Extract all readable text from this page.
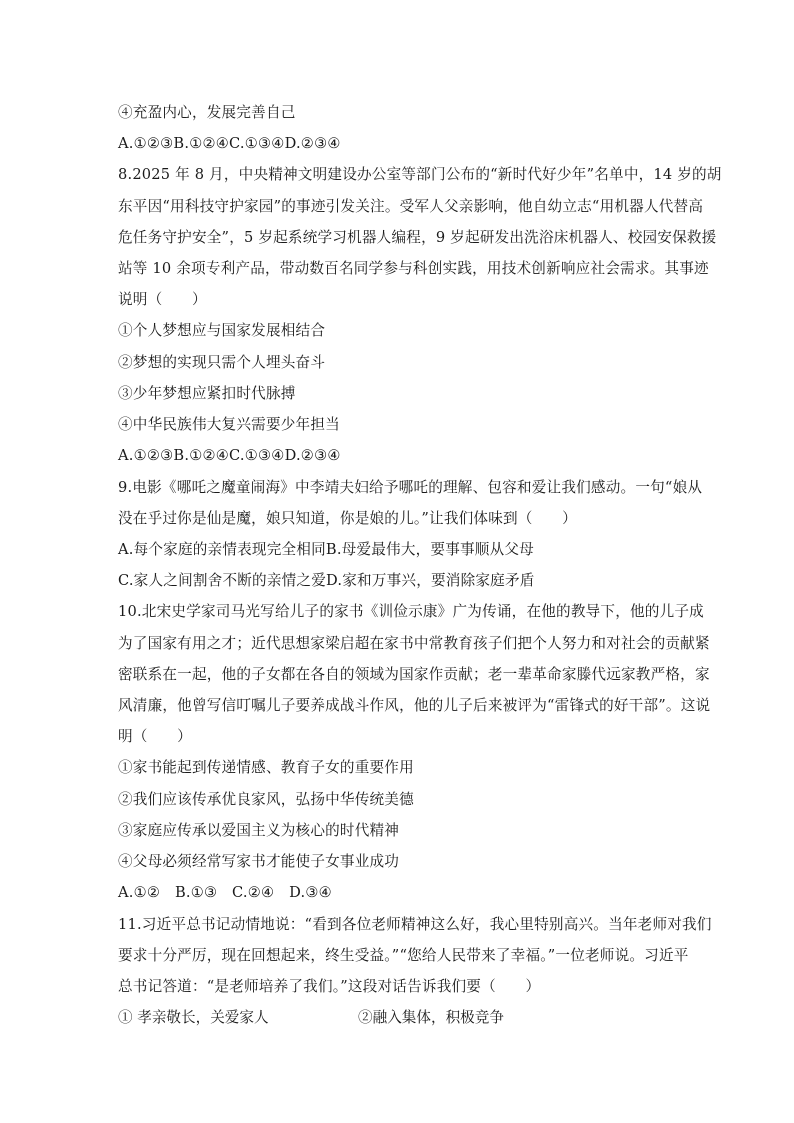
④充盈内心，发展完善自己
A.①②③B.①②④C.①③④D.②③④
8.2025 年 8 月，中央精神文明建设办公室等部门公布的“新时代好少年”名单中，14 岁的胡
东平因“用科技守护家园”的事迹引发关注。受军人父亲影响，他自幼立志“用机器人代替高
危任务守护安全”，5 岁起系统学习机器人编程，9 岁起研发出洗浴床机器人、校园安保救援
站等 10 余项专利产品，带动数百名同学参与科创实践，用技术创新响应社会需求。其事迹
说明（　　）
①个人梦想应与国家发展相结合
②梦想的实现只需个人埋头奋斗
③少年梦想应紧扣时代脉搏
④中华民族伟大复兴需要少年担当
A.①②③B.①②④C.①③④D.②③④
9.电影《哪吒之魔童闹海》中李靖夫妇给予哪吒的理解、包容和爱让我们感动。一句“娘从
没在乎过你是仙是魔，娘只知道，你是娘的儿。”让我们体味到（　　）
A.每个家庭的亲情表现完全相同B.母爱最伟大，要事事顺从父母
C.家人之间割舍不断的亲情之爱D.家和万事兴，要消除家庭矛盾
10.北宋史学家司马光写给儿子的家书《训俭示康》广为传诵，在他的教导下，他的儿子成
为了国家有用之才；近代思想家梁启超在家书中常教育孩子们把个人努力和对社会的贡献紧
密联系在一起，他的子女都在各自的领域为国家作贡献；老一辈革命家滕代远家教严格，家
风清廉，他曾写信叮嘱儿子要养成战斗作风，他的儿子后来被评为“雷锋式的好干部”。这说
明（　　）
①家书能起到传递情感、教育子女的重要作用
②我们应该传承优良家风，弘扬中华传统美德
③家庭应传承以爱国主义为核心的时代精神
④父母必须经常写家书才能使子女事业成功
A.①②　B.①③　C.②④　D.③④
11.习近平总书记动情地说：“看到各位老师精神这么好，我心里特别高兴。当年老师对我们
要求十分严厉，现在回想起来，终生受益。”“您给人民带来了幸福。”一位老师说。习近平
总书记答道：“是老师培养了我们。”这段对话告诉我们要（　　）
① 孝亲敬长，关爱家人	②融入集体，积极竞争
